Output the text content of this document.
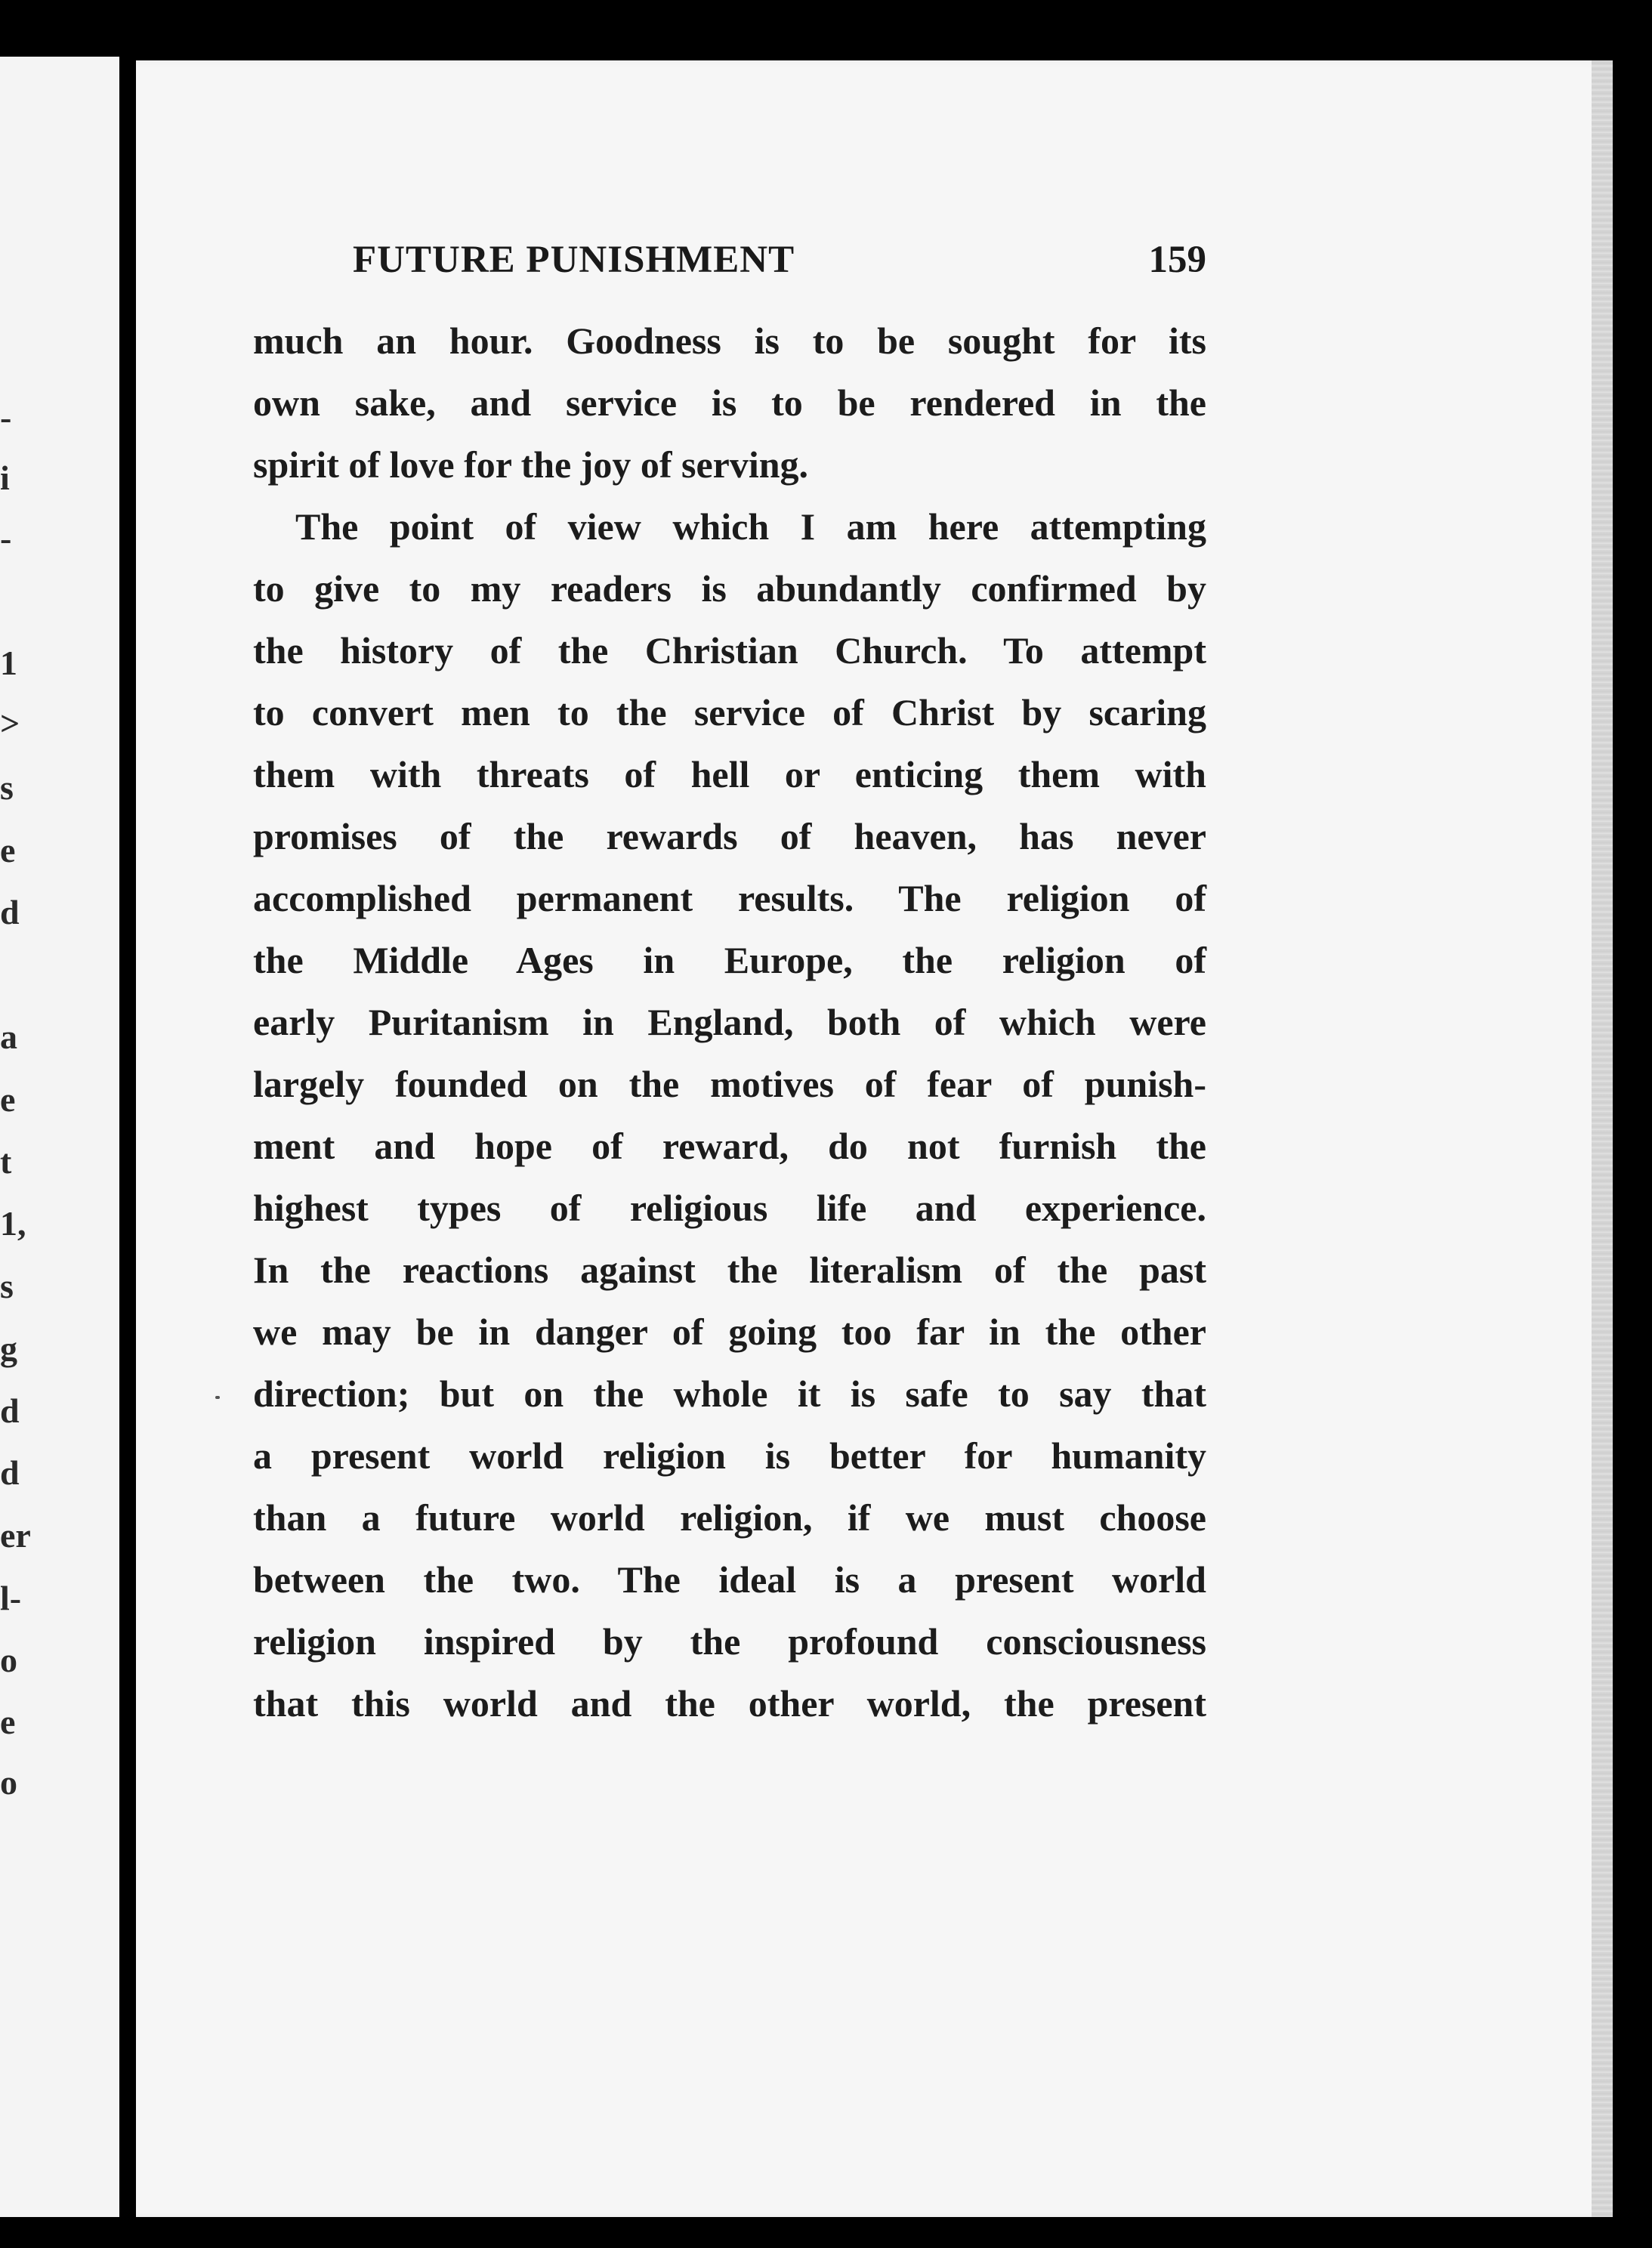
-
i
-
1
>
s
e
d
a
e
t
1,
s
g
d
d
er
l-
o
e
o
FUTURE PUNISHMENT	159
much an hour. Goodness is to be sought for its
own sake, and service is to be rendered in the
spirit of love for the joy of serving.
The point of view which I am here attempting
to give to my readers is abundantly confirmed by
the history of the Christian Church. To attempt
to convert men to the service of Christ by scaring
them with threats of hell or enticing them with
promises of the rewards of heaven, has never
accomplished permanent results. The religion of
the Middle Ages in Europe, the religion of
early Puritanism in England, both of which were
largely founded on the motives of fear of punish-
ment and hope of reward, do not furnish the
highest types of religious life and experience.
In the reactions against the literalism of the past
we may be in danger of going too far in the other
direction; but on the whole it is safe to say that
a present world religion is better for humanity
than a future world religion, if we must choose
between the two. The ideal is a present world
religion inspired by the profound consciousness
that this world and the other world, the present
